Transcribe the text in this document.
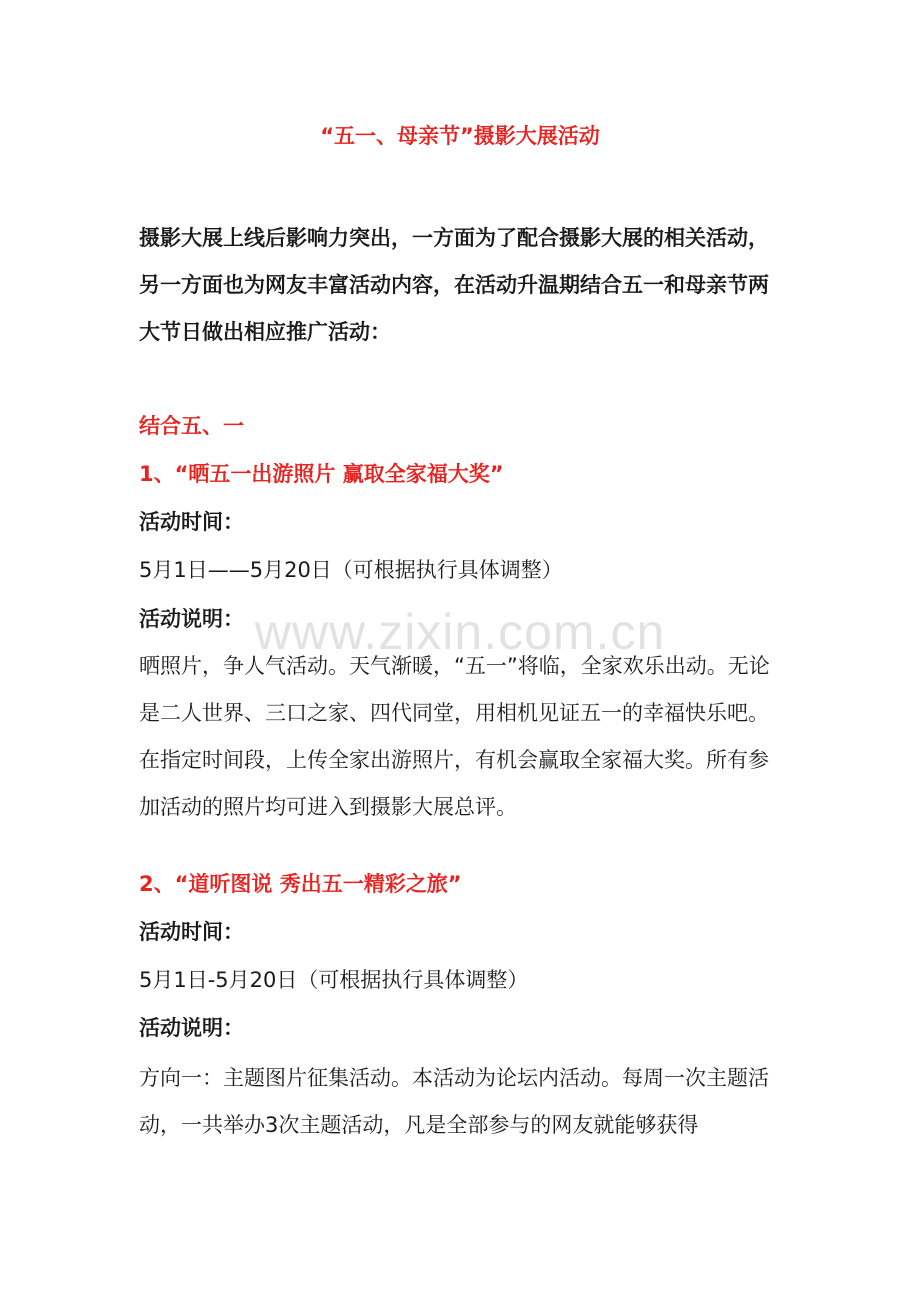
“五一、母亲节”摄影大展活动

摄影大展上线后影响力突出，一方面为了配合摄影大展的相关活动，另一方面也为网友丰富活动内容，在活动升温期结合五一和母亲节两大节日做出相应推广活动：

结合五、一

1、“晒五一出游照片 赢取全家福大奖”

活动时间：

5月1日——5月20日（可根据执行具体调整）

活动说明：

晒照片，争人气活动。天气渐暖，“五一”将临，全家欢乐出动。无论是二人世界、三口之家、四代同堂，用相机见证五一的幸福快乐吧。在指定时间段，上传全家出游照片，有机会赢取全家福大奖。所有参加活动的照片均可进入到摄影大展总评。

2、“道听图说 秀出五一精彩之旅”

活动时间：

5月1日-5月20日（可根据执行具体调整）

活动说明：

方向一：主题图片征集活动。本活动为论坛内活动。每周一次主题活动，一共举办3次主题活动，凡是全部参与的网友就能够获得

www.zixin.com.cn
